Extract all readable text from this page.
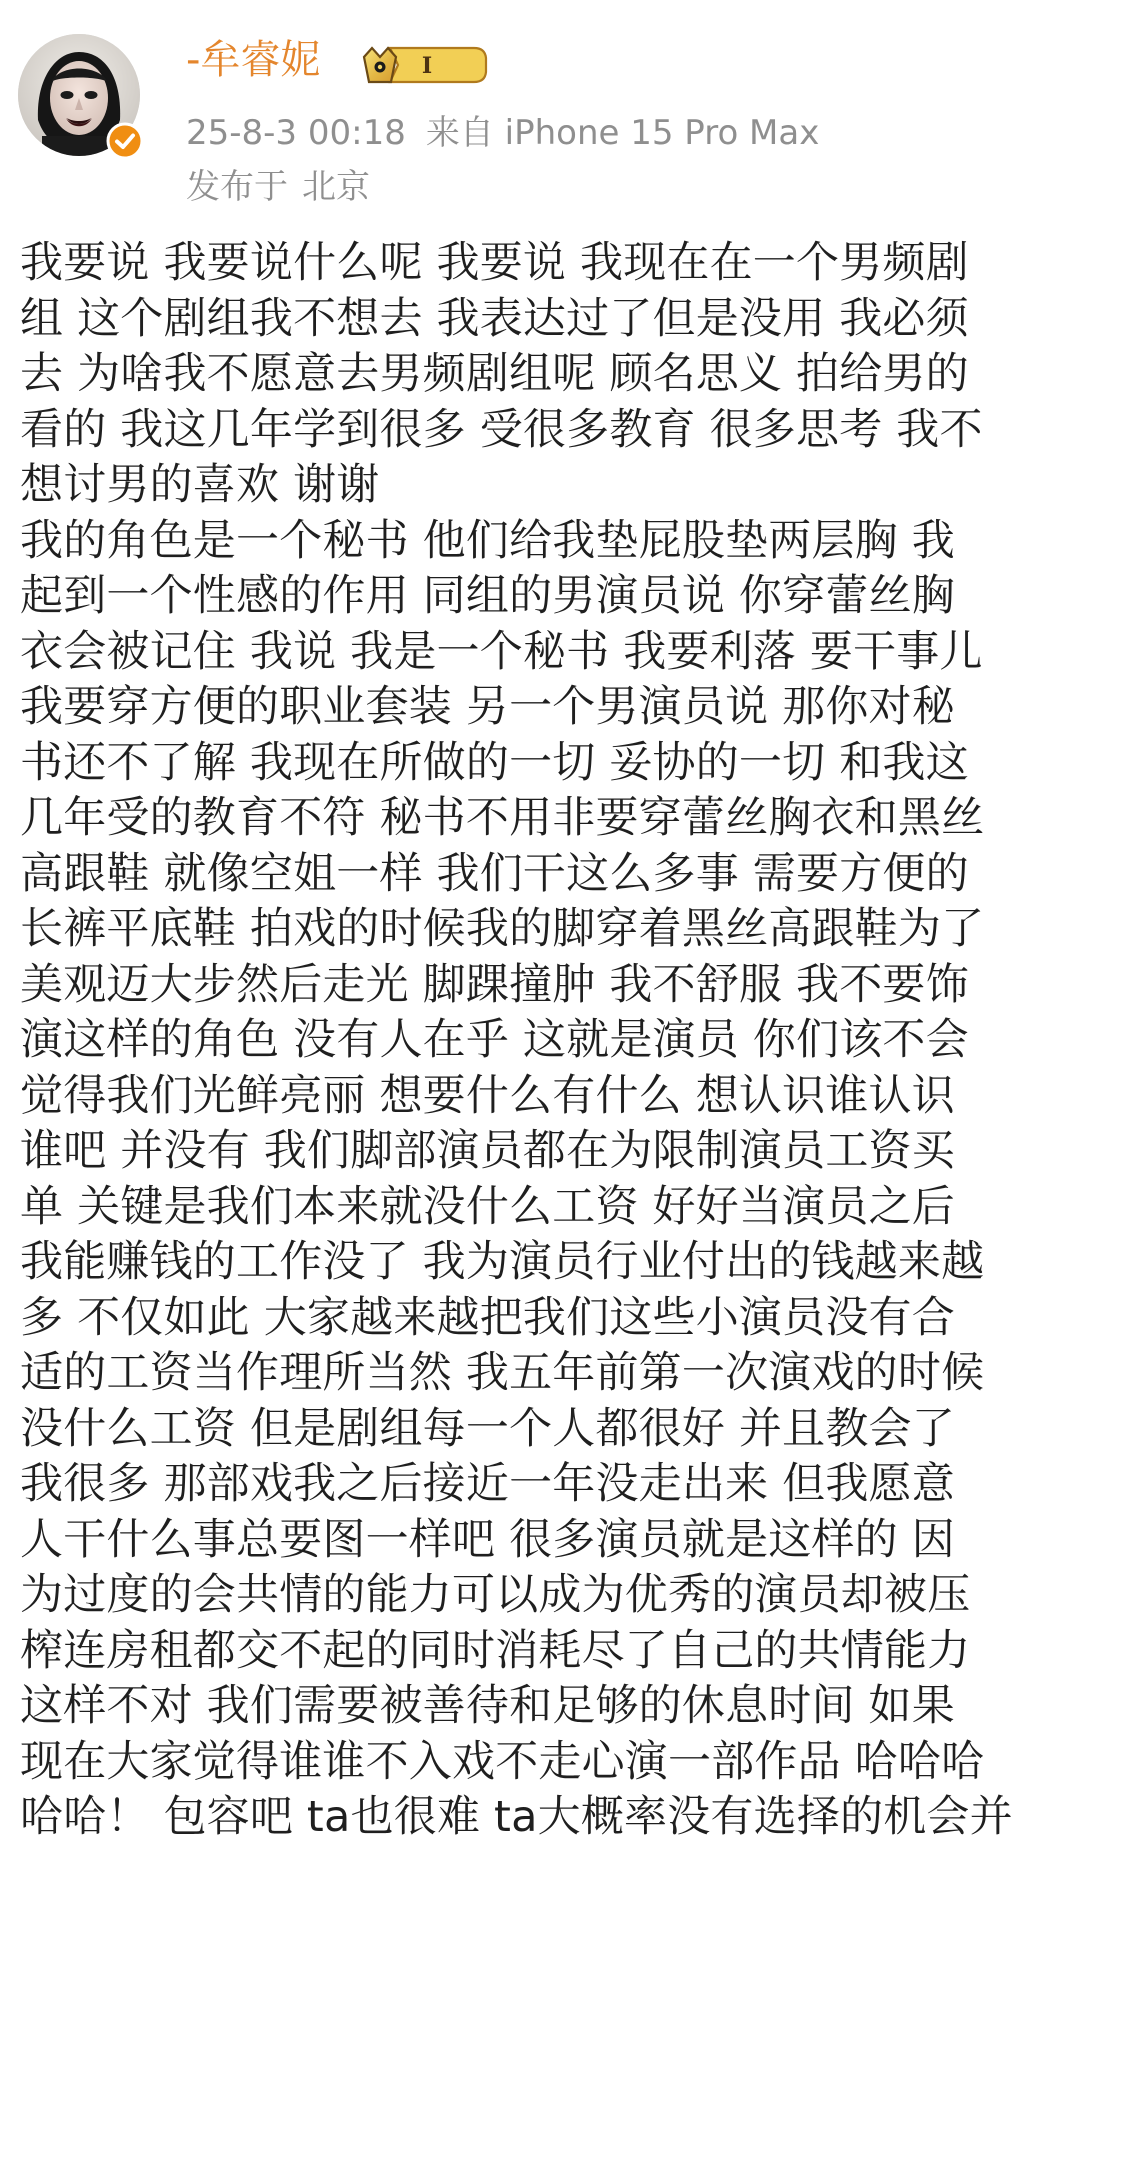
-牟睿妮	I
25-8-3 00:18 来自 iPhone 15 Pro Max
发布于 北京
我要说 我要说什么呢 我要说 我现在在一个男频剧
组 这个剧组我不想去 我表达过了但是没用 我必须
去 为啥我不愿意去男频剧组呢 顾名思义 拍给男的
看的 我这几年学到很多 受很多教育 很多思考 我不
想讨男的喜欢 谢谢
我的角色是一个秘书 他们给我垫屁股垫两层胸 我
起到一个性感的作用 同组的男演员说 你穿蕾丝胸
衣会被记住 我说 我是一个秘书 我要利落 要干事儿
我要穿方便的职业套装 另一个男演员说 那你对秘
书还不了解 我现在所做的一切 妥协的一切 和我这
几年受的教育不符 秘书不用非要穿蕾丝胸衣和黑丝
高跟鞋 就像空姐一样 我们干这么多事 需要方便的
长裤平底鞋 拍戏的时候我的脚穿着黑丝高跟鞋为了
美观迈大步然后走光 脚踝撞肿 我不舒服 我不要饰
演这样的角色 没有人在乎 这就是演员 你们该不会
觉得我们光鲜亮丽 想要什么有什么 想认识谁认识
谁吧 并没有 我们脚部演员都在为限制演员工资买
单 关键是我们本来就没什么工资 好好当演员之后
我能赚钱的工作没了 我为演员行业付出的钱越来越
多 不仅如此 大家越来越把我们这些小演员没有合
适的工资当作理所当然 我五年前第一次演戏的时候
没什么工资 但是剧组每一个人都很好 并且教会了
我很多 那部戏我之后接近一年没走出来 但我愿意
人干什么事总要图一样吧 很多演员就是这样的 因
为过度的会共情的能力可以成为优秀的演员却被压
榨连房租都交不起的同时消耗尽了自己的共情能力
这样不对 我们需要被善待和足够的休息时间 如果
现在大家觉得谁谁不入戏不走心演一部作品 哈哈哈
哈哈！ 包容吧 ta也很难 ta大概率没有选择的机会并
